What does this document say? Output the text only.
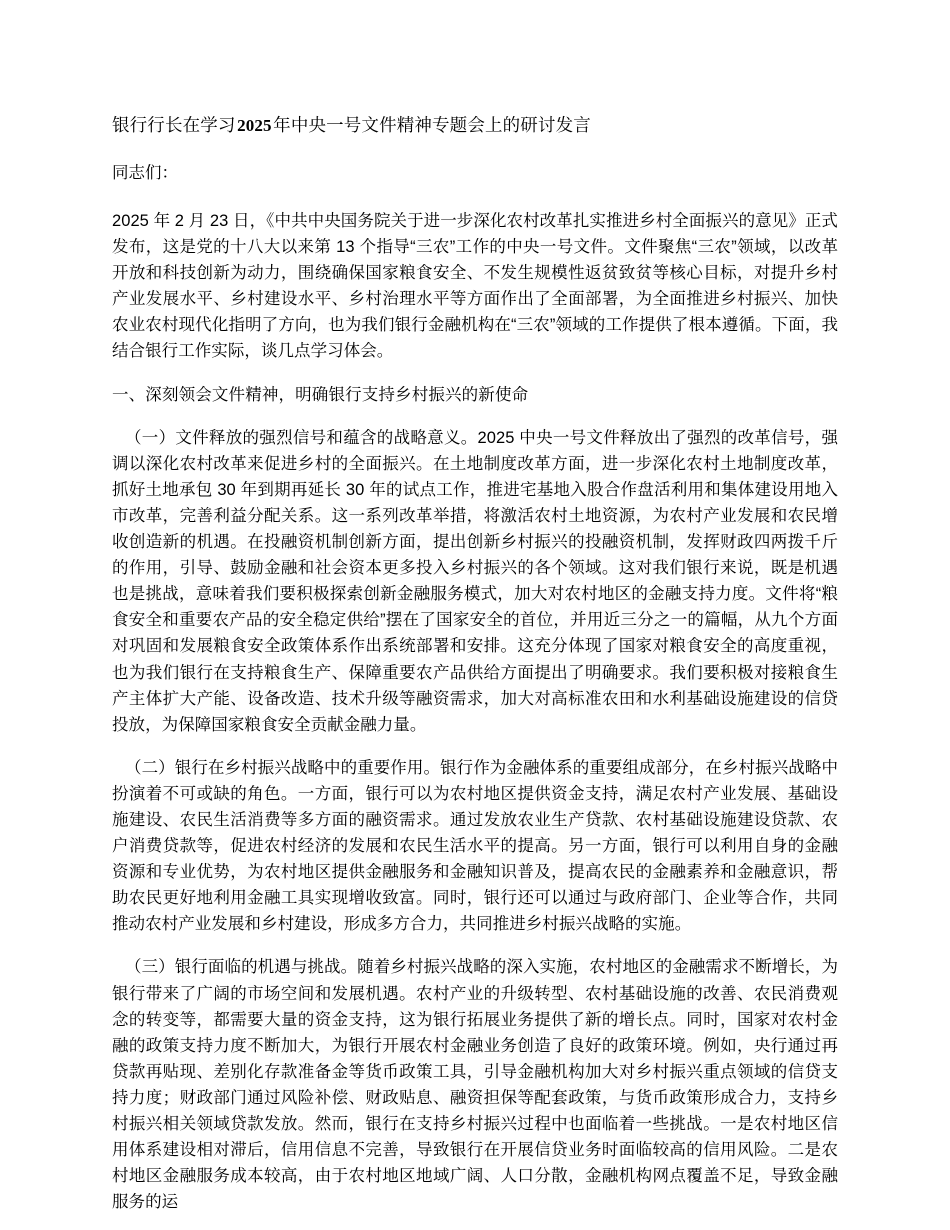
银行行长在学习2025年中央一号文件精神专题会上的研讨发言

同志们：

2025 年 2 月 23 日，《中共中央国务院关于进一步深化农村改革扎实推进乡村全面振兴的意见》正式发布，这是党的十八大以来第 13 个指导“三农”工作的中央一号文件。文件聚焦“三农”领域，以改革开放和科技创新为动力，围绕确保国家粮食安全、不发生规模性返贫致贫等核心目标，对提升乡村产业发展水平、乡村建设水平、乡村治理水平等方面作出了全面部署，为全面推进乡村振兴、加快农业农村现代化指明了方向，也为我们银行金融机构在“三农”领域的工作提供了根本遵循。下面，我结合银行工作实际，谈几点学习体会。

一、深刻领会文件精神，明确银行支持乡村振兴的新使命

（一）文件释放的强烈信号和蕴含的战略意义。2025 中央一号文件释放出了强烈的改革信号，强调以深化农村改革来促进乡村的全面振兴。在土地制度改革方面，进一步深化农村土地制度改革，抓好土地承包 30 年到期再延长 30 年的试点工作，推进宅基地入股合作盘活利用和集体建设用地入市改革，完善利益分配关系。这一系列改革举措，将激活农村土地资源，为农村产业发展和农民增收创造新的机遇。在投融资机制创新方面，提出创新乡村振兴的投融资机制，发挥财政四两拨千斤的作用，引导、鼓励金融和社会资本更多投入乡村振兴的各个领域。这对我们银行来说，既是机遇也是挑战，意味着我们要积极探索创新金融服务模式，加大对农村地区的金融支持力度。文件将“粮食安全和重要农产品的安全稳定供给”摆在了国家安全的首位，并用近三分之一的篇幅，从九个方面对巩固和发展粮食安全政策体系作出系统部署和安排。这充分体现了国家对粮食安全的高度重视，也为我们银行在支持粮食生产、保障重要农产品供给方面提出了明确要求。我们要积极对接粮食生产主体扩大产能、设备改造、技术升级等融资需求，加大对高标准农田和水利基础设施建设的信贷投放，为保障国家粮食安全贡献金融力量。

（二）银行在乡村振兴战略中的重要作用。银行作为金融体系的重要组成部分，在乡村振兴战略中扮演着不可或缺的角色。一方面，银行可以为农村地区提供资金支持，满足农村产业发展、基础设施建设、农民生活消费等多方面的融资需求。通过发放农业生产贷款、农村基础设施建设贷款、农户消费贷款等，促进农村经济的发展和农民生活水平的提高。另一方面，银行可以利用自身的金融资源和专业优势，为农村地区提供金融服务和金融知识普及，提高农民的金融素养和金融意识，帮助农民更好地利用金融工具实现增收致富。同时，银行还可以通过与政府部门、企业等合作，共同推动农村产业发展和乡村建设，形成多方合力，共同推进乡村振兴战略的实施。

（三）银行面临的机遇与挑战。随着乡村振兴战略的深入实施，农村地区的金融需求不断增长，为银行带来了广阔的市场空间和发展机遇。农村产业的升级转型、农村基础设施的改善、农民消费观念的转变等，都需要大量的资金支持，这为银行拓展业务提供了新的增长点。同时，国家对农村金融的政策支持力度不断加大，为银行开展农村金融业务创造了良好的政策环境。例如，央行通过再贷款再贴现、差别化存款准备金等货币政策工具，引导金融机构加大对乡村振兴重点领域的信贷支持力度；财政部门通过风险补偿、财政贴息、融资担保等配套政策，与货币政策形成合力，支持乡村振兴相关领域贷款发放。然而，银行在支持乡村振兴过程中也面临着一些挑战。一是农村地区信用体系建设相对滞后，信用信息不完善，导致银行在开展信贷业务时面临较高的信用风险。二是农村地区金融服务成本较高，由于农村地区地域广阔、人口分散，金融机构网点覆盖不足，导致金融服务的运
